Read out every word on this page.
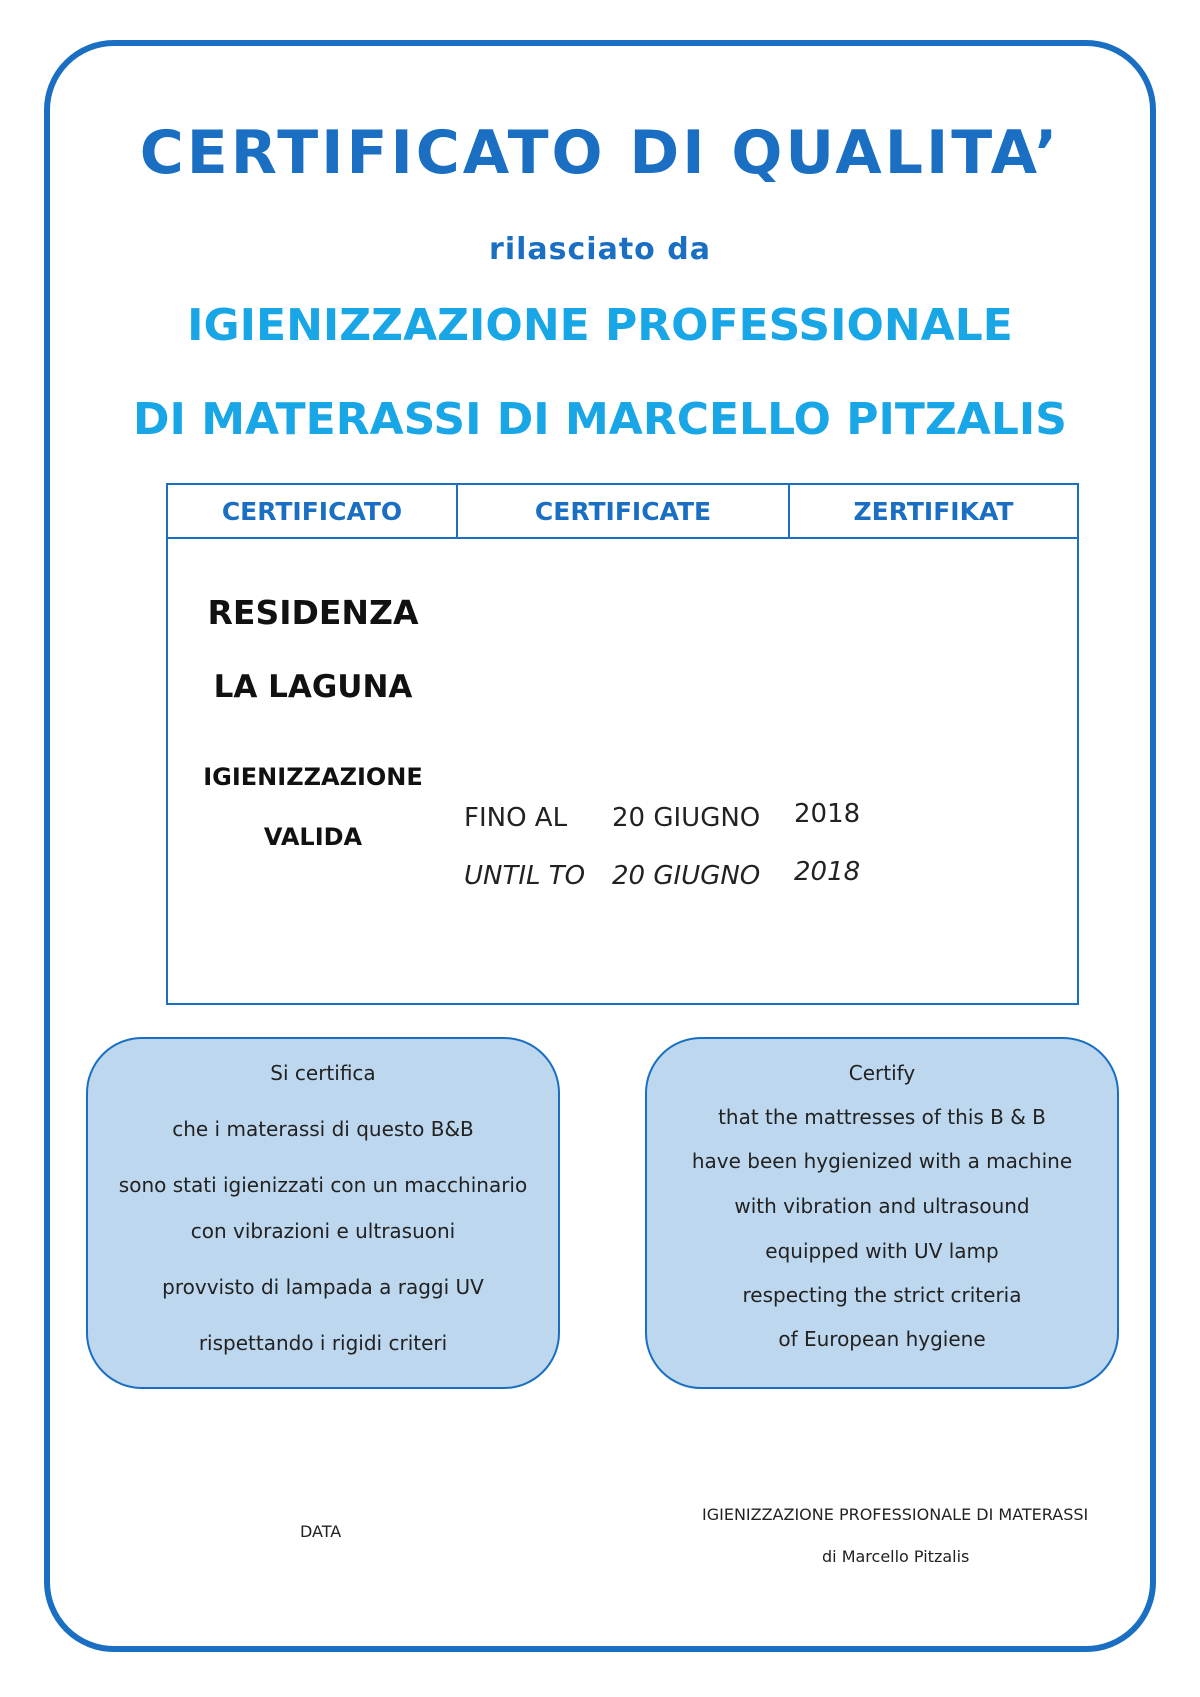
CERTIFICATO DI QUALITA’
rilasciato da
IGIENIZZAZIONE PROFESSIONALE
DI MATERASSI DI MARCELLO PITZALIS
CERTIFICATO	CERTIFICATE	ZERTIFIKAT
RESIDENZA
LA LAGUNA
IGIENIZZAZIONE
VALIDA
FINO AL 20 GIUGNO 2018
UNTIL TO 20 GIUGNO 2018
Si certifica
che i materassi di questo B&B
sono stati igienizzati con un macchinario
con vibrazioni e ultrasuoni
provvisto di lampada a raggi UV
rispettando i rigidi criteri
Certify
that the mattresses of this B & B
have been hygienized with a machine
with vibration and ultrasound
equipped with UV lamp
respecting the strict criteria
of European hygiene
DATA
IGIENIZZAZIONE PROFESSIONALE DI MATERASSI
di Marcello Pitzalis
